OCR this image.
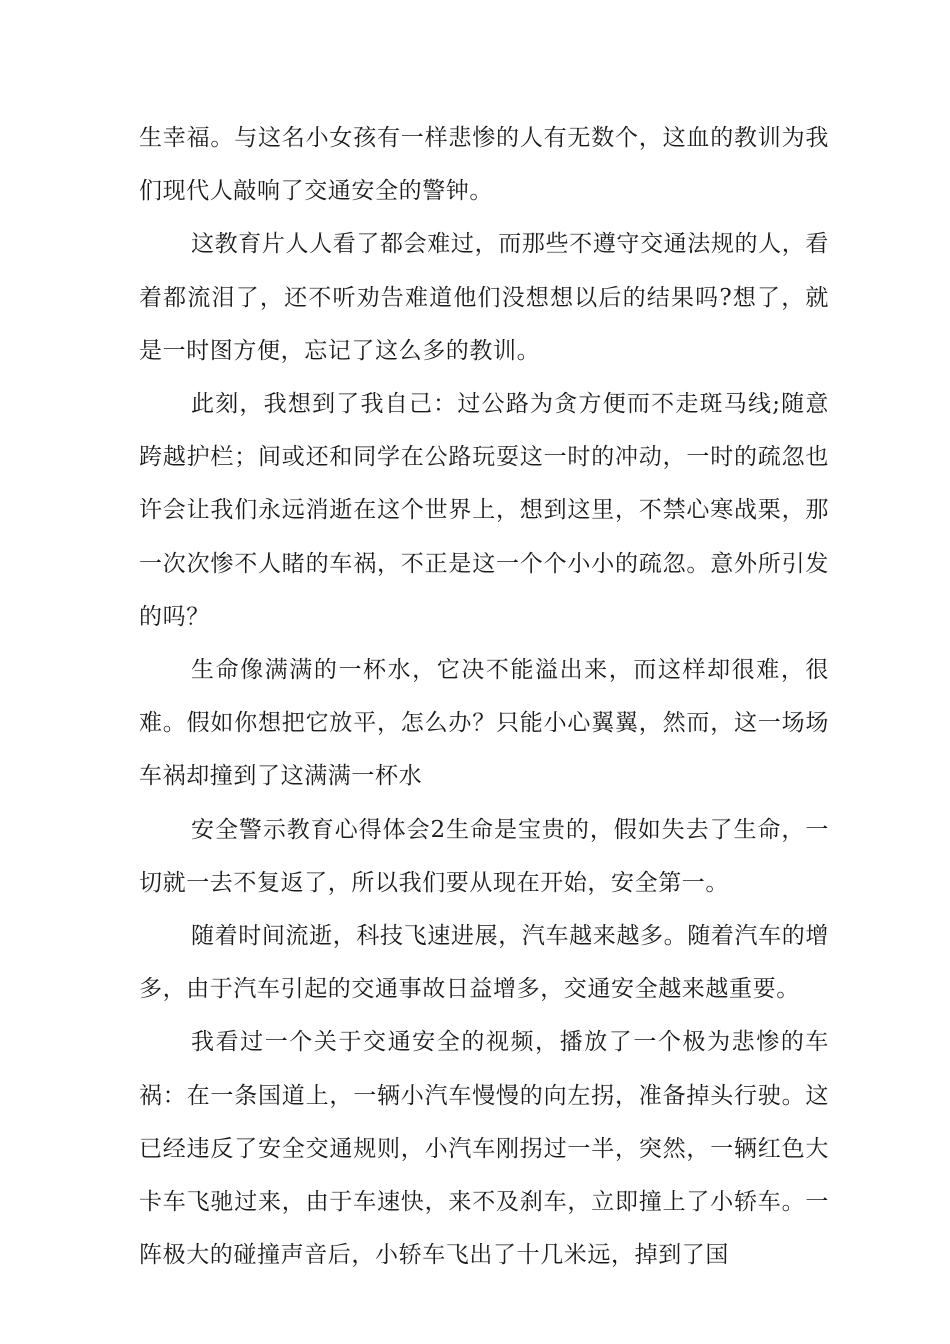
生幸福。与这名小女孩有一样悲惨的人有无数个，这血的教训为我们现代人敲响了交通安全的警钟。

这教育片人人看了都会难过，而那些不遵守交通法规的人，看着都流泪了，还不听劝告难道他们没想想以后的结果吗?想了，就是一时图方便，忘记了这么多的教训。

此刻，我想到了我自己：过公路为贪方便而不走斑马线;随意跨越护栏；间或还和同学在公路玩耍这一时的冲动，一时的疏忽也许会让我们永远消逝在这个世界上，想到这里，不禁心寒战栗，那一次次惨不人睹的车祸，不正是这一个个小小的疏忽。意外所引发的吗？

生命像满满的一杯水，它决不能溢出来，而这样却很难，很难。假如你想把它放平，怎么办？只能小心翼翼，然而，这一场场车祸却撞到了这满满一杯水

安全警示教育心得体会2生命是宝贵的，假如失去了生命，一切就一去不复返了，所以我们要从现在开始，安全第一。

随着时间流逝，科技飞速进展，汽车越来越多。随着汽车的增多，由于汽车引起的交通事故日益增多，交通安全越来越重要。

我看过一个关于交通安全的视频，播放了一个极为悲惨的车祸：在一条国道上，一辆小汽车慢慢的向左拐，准备掉头行驶。这已经违反了安全交通规则，小汽车刚拐过一半，突然，一辆红色大卡车飞驰过来，由于车速快，来不及刹车，立即撞上了小轿车。一阵极大的碰撞声音后，小轿车飞出了十几米远，掉到了国
